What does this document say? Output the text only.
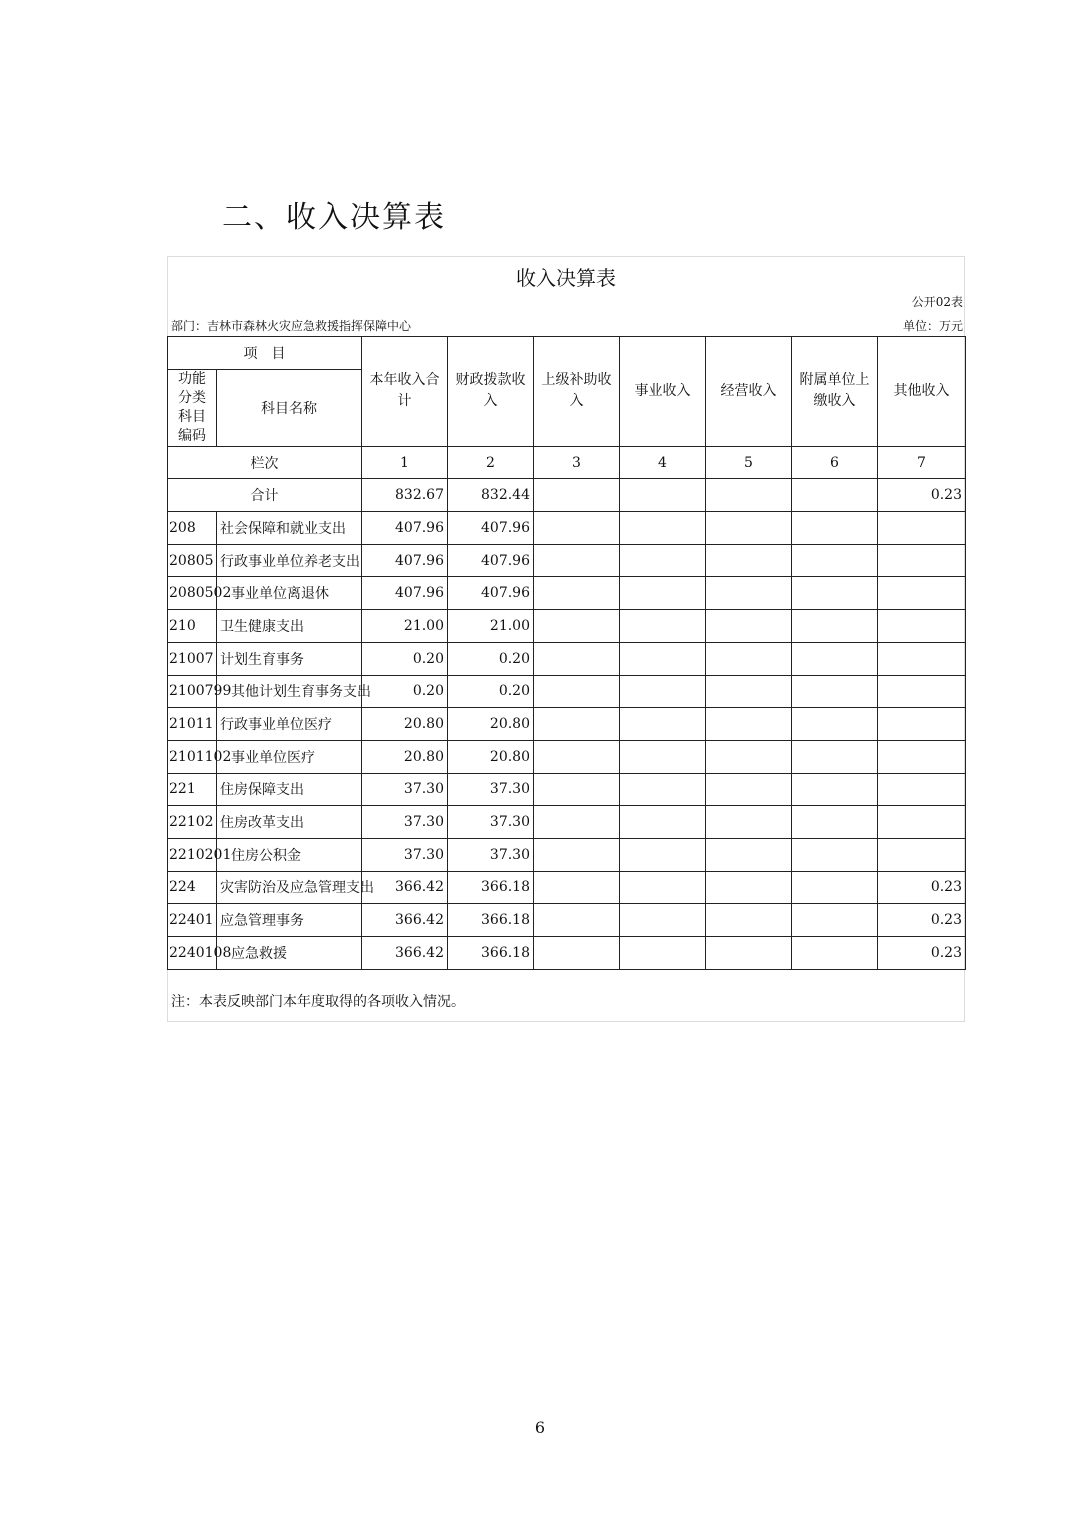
二、收入决算表
收入决算表
公开02表
部门：吉林市森林火灾应急救援指挥保障中心	单位：万元
项　目		本年收入合计	财政拨款收入	上级补助收入	事业收入	经营收入	附属单位上缴收入	其他收入
功能分类科目编码	科目名称							
栏次		1	2	3	4	5	6	7
合计		832.67	832.44					0.23
208	社会保障和就业支出	407.96	407.96					
20805	行政事业单位养老支出	407.96	407.96					
2080502	事业单位离退休	407.96	407.96					
210	卫生健康支出	21.00	21.00					
21007	计划生育事务	0.20	0.20					
2100799	其他计划生育事务支出	0.20	0.20					
21011	行政事业单位医疗	20.80	20.80					
2101102	事业单位医疗	20.80	20.80					
221	住房保障支出	37.30	37.30					
22102	住房改革支出	37.30	37.30					
2210201	住房公积金	37.30	37.30					
224	灾害防治及应急管理支出	366.42	366.18					0.23
22401	应急管理事务	366.42	366.18					0.23
2240108	应急救援	366.42	366.18					0.23
注：本表反映部门本年度取得的各项收入情况。
6
